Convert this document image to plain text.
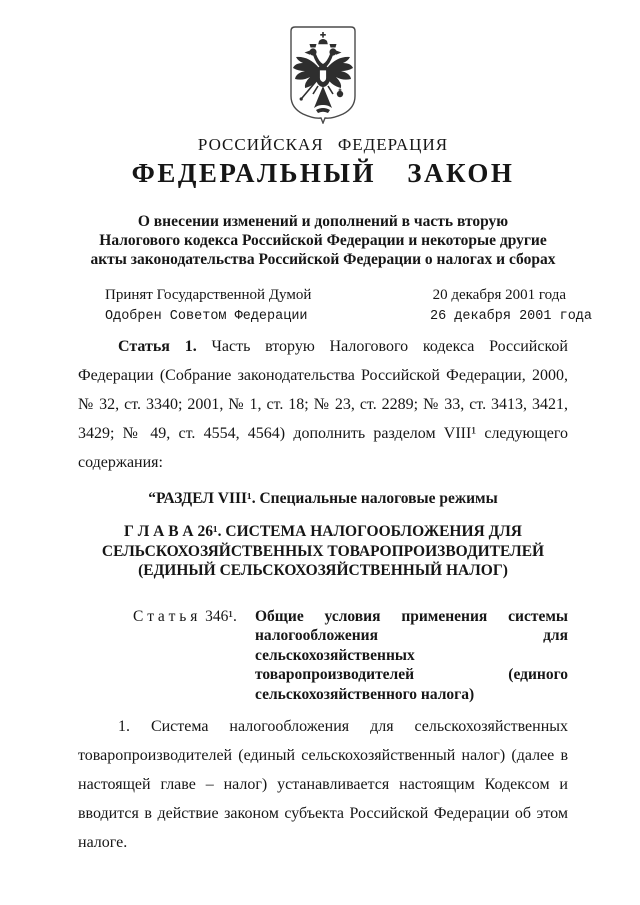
РОССИЙСКАЯ ФЕДЕРАЦИЯ
ФЕДЕРАЛЬНЫЙ ЗАКОН
О внесении изменений и дополнений в часть вторую
Налогового кодекса Российской Федерации и некоторые другие
акты законодательства Российской Федерации о налогах и сборах
Принят Государственной Думой	20 декабря 2001 года
Одобрен Советом Федерации	26 декабря 2001 года
Статья 1. Часть вторую Налогового кодекса Российской Федерации (Собрание законодательства Российской Федерации, 2000, № 32, ст. 3340; 2001, № 1, ст. 18; № 23, ст. 2289; № 33, ст. 3413, 3421, 3429; № 49, ст. 4554, 4564) дополнить разделом VIII¹ следующего содержания:
“РАЗДЕЛ VIII¹. Специальные налоговые режимы
Г Л А В А 26¹. СИСТЕМА НАЛОГООБЛОЖЕНИЯ ДЛЯ
СЕЛЬСКОХОЗЯЙСТВЕННЫХ ТОВАРОПРОИЗВОДИТЕЛЕЙ
(ЕДИНЫЙ СЕЛЬСКОХОЗЯЙСТВЕННЫЙ НАЛОГ)
С т а т ь я  346¹.	Общие условия применения системы налогообложения для сельскохозяйственных товаропроизводителей (единого сельскохозяйственного налога)
1. Система налогообложения для сельскохозяйственных товаропроизводителей (единый сельскохозяйственный налог) (далее в настоящей главе – налог) устанавливается настоящим Кодексом и вводится в действие законом субъекта Российской Федерации об этом налоге.
